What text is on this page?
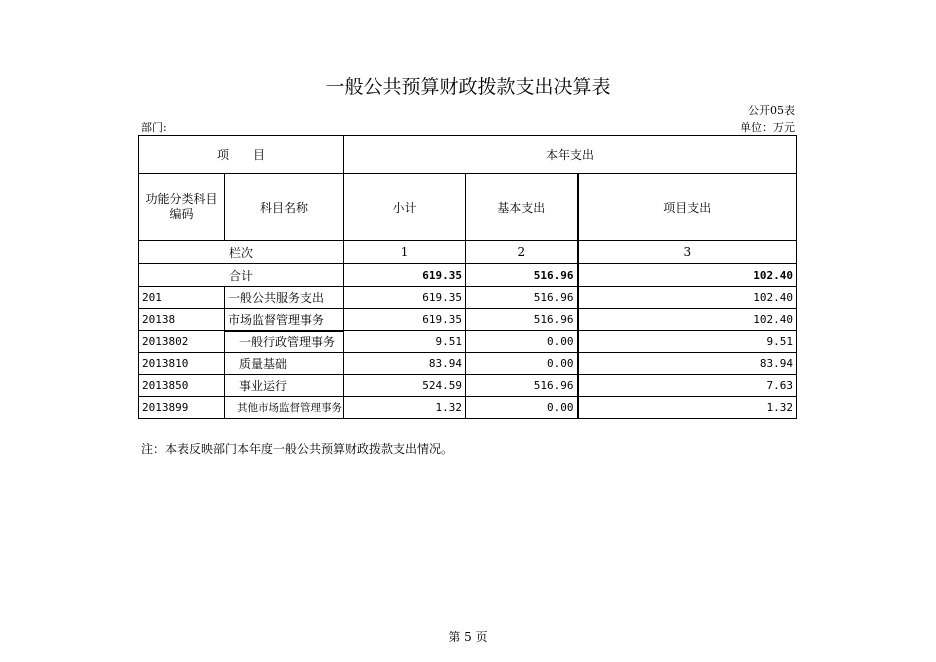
一般公共预算财政拨款支出决算表
公开05表
部门:	单位：万元
项　　目		本年支出		
功能分类科目编码	科目名称	小计	基本支出	项目支出
栏次		1	2	3
合计		619.35	516.96	102.40
201	一般公共服务支出	619.35	516.96	102.40
20138	市场监督管理事务	619.35	516.96	102.40
2013802	一般行政管理事务	9.51	0.00	9.51
2013810	质量基础	83.94	0.00	83.94
2013850	事业运行	524.59	516.96	7.63
2013899	其他市场监督管理事务	1.32	0.00	1.32
注：本表反映部门本年度一般公共预算财政拨款支出情况。
第 5 页
